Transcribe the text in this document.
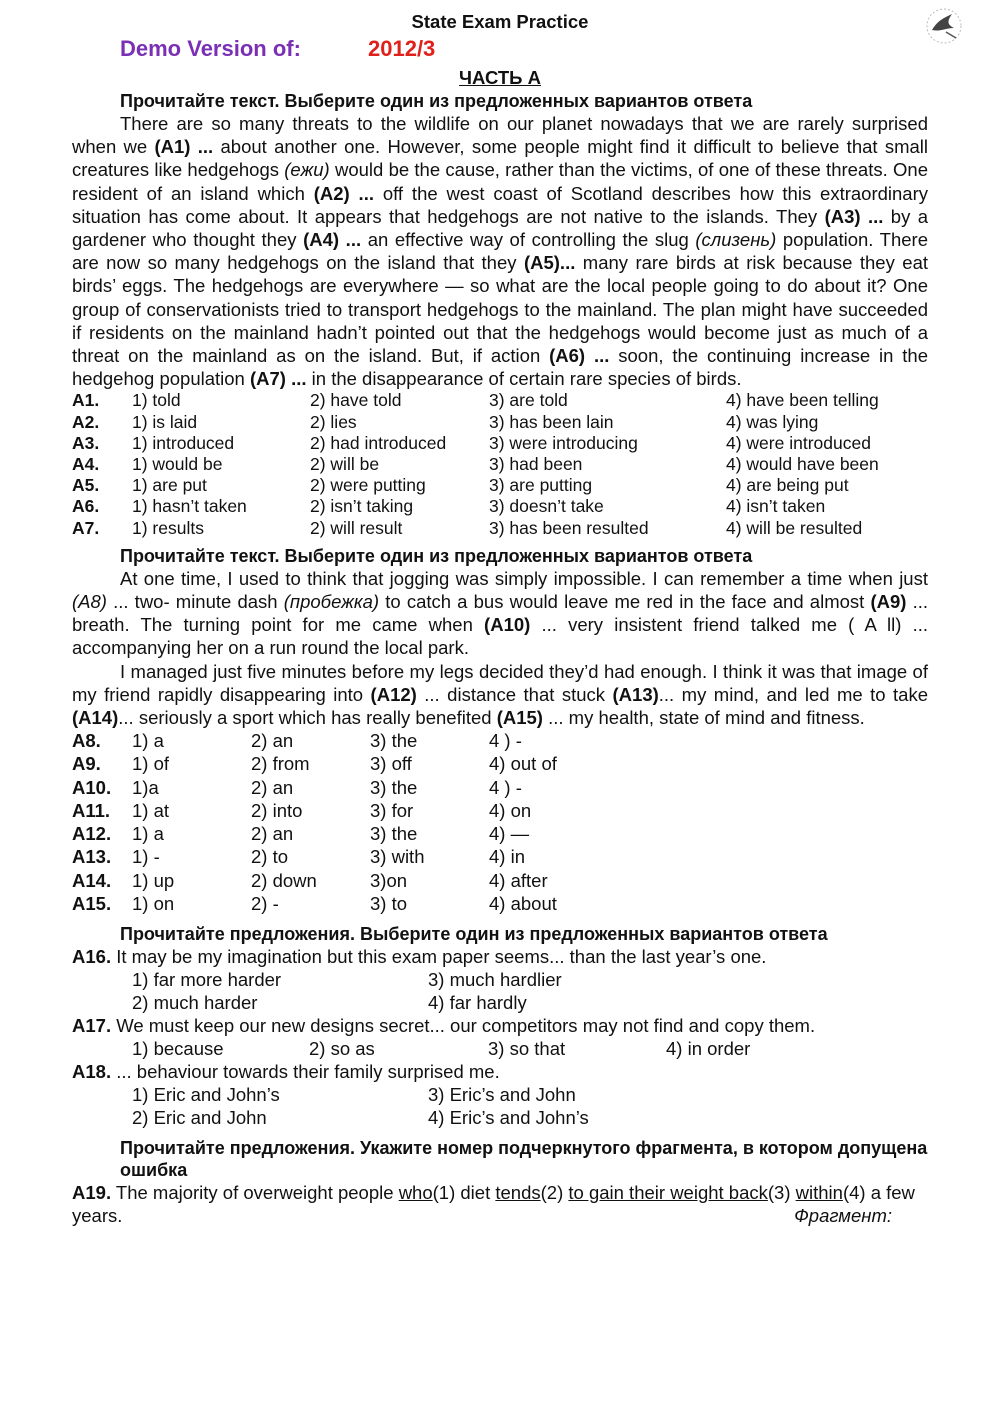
State Exam Practice
Demo Version of:	2012/3
ЧАСТЬ А
Прочитайте текст. Выберите один из предложенных вариантов ответа

There are so many threats to the wildlife on our planet nowadays that we are rarely surprised when we (A1) ... about another one. However, some people might find it difficult to believe that small creatures like hedgehogs (ежи) would be the cause, rather than the victims, of one of these threats. One resident of an island which (A2) ... off the west coast of Scotland describes how this extraordinary situation has come about. It appears that hedgehogs are not native to the islands. They (A3) ... by a gardener who thought they (A4) ... an effective way of controlling the slug (слизень) population. There are now so many hedgehogs on the island that they (A5)... many rare birds at risk because they eat birds’ eggs. The hedgehogs are everywhere — so what are the local people going to do about it? One group of conservationists tried to transport hedgehogs to the mainland. The plan might have succeeded if residents on the mainland hadn’t pointed out that the hedgehogs would become just as much of a threat on the mainland as on the island. But, if action (A6) ... soon, the continuing increase in the hedgehog population (A7) ... in the disappearance of certain rare species of birds.

A1.	1) told	2) have told	3) are told	4) have been telling
A2.	1) is laid	2) lies	3) has been lain	4) was lying
A3.	1) introduced	2) had introduced	3) were introducing	4) were introduced
A4.	1) would be	2) will be	3) had been	4) would have been
A5.	1) are put	2) were putting	3) are putting	4) are being put
A6.	1) hasn’t taken	2) isn’t taking	3) doesn’t take	4) isn’t taken
A7.	1) results	2) will result	3) has been resulted	4) will be resulted
Прочитайте текст. Выберите один из предложенных вариантов ответа

At one time, I used to think that jogging was simply impossible. I can remember a time when just (A8) ... two- minute dash (пробежка) to catch a bus would leave me red in the face and almost (A9) ... breath. The turning point for me came when (A10) ... very insistent friend talked me ( A ll) ... accompanying her on a run round the local park.

I managed just five minutes before my legs decided they’d had enough. I think it was that image of my friend rapidly disappearing into (A12) ... distance that stuck (A13)... my mind, and led me to take (A14)... seriously a sport which has really benefited (A15) ... my health, state of mind and fitness.

A8.	1) a	2) an	3) the	4 ) -
A9.	1) of	2) from	3) off	4) out of
A10.	1)a	2) an	3) the	4 ) -
A11.	1) at	2) into	3) for	4) on
A12.	1) a	2) an	3) the	4) —
A13.	1) -	2) to	3) with	4) in
A14.	1) up	2) down	3)on	4) after
A15.	1) on	2) -	3) to	4) about
Прочитайте предложения. Выберите один из предложенных вариантов ответа
A16. It may be my imagination but this exam paper seems... than the last year’s one.
1) far more harder	3) much hardlier
2) much harder	4) far hardly
A17. We must keep our new designs secret... our competitors may not find and copy them.
1) because	2) so as	3) so that	4) in order
A18. ... behaviour towards their family surprised me.
1) Eric and John’s	3) Eric’s and John
2) Eric and John	4) Eric’s and John’s
Прочитайте предложения. Укажите номер подчеркнутого фрагмента, в котором допущена ошибка
A19. The majority of overweight people who(1) diet tends(2) to gain their weight back(3) within(4) a few years.	Фрагмент:
